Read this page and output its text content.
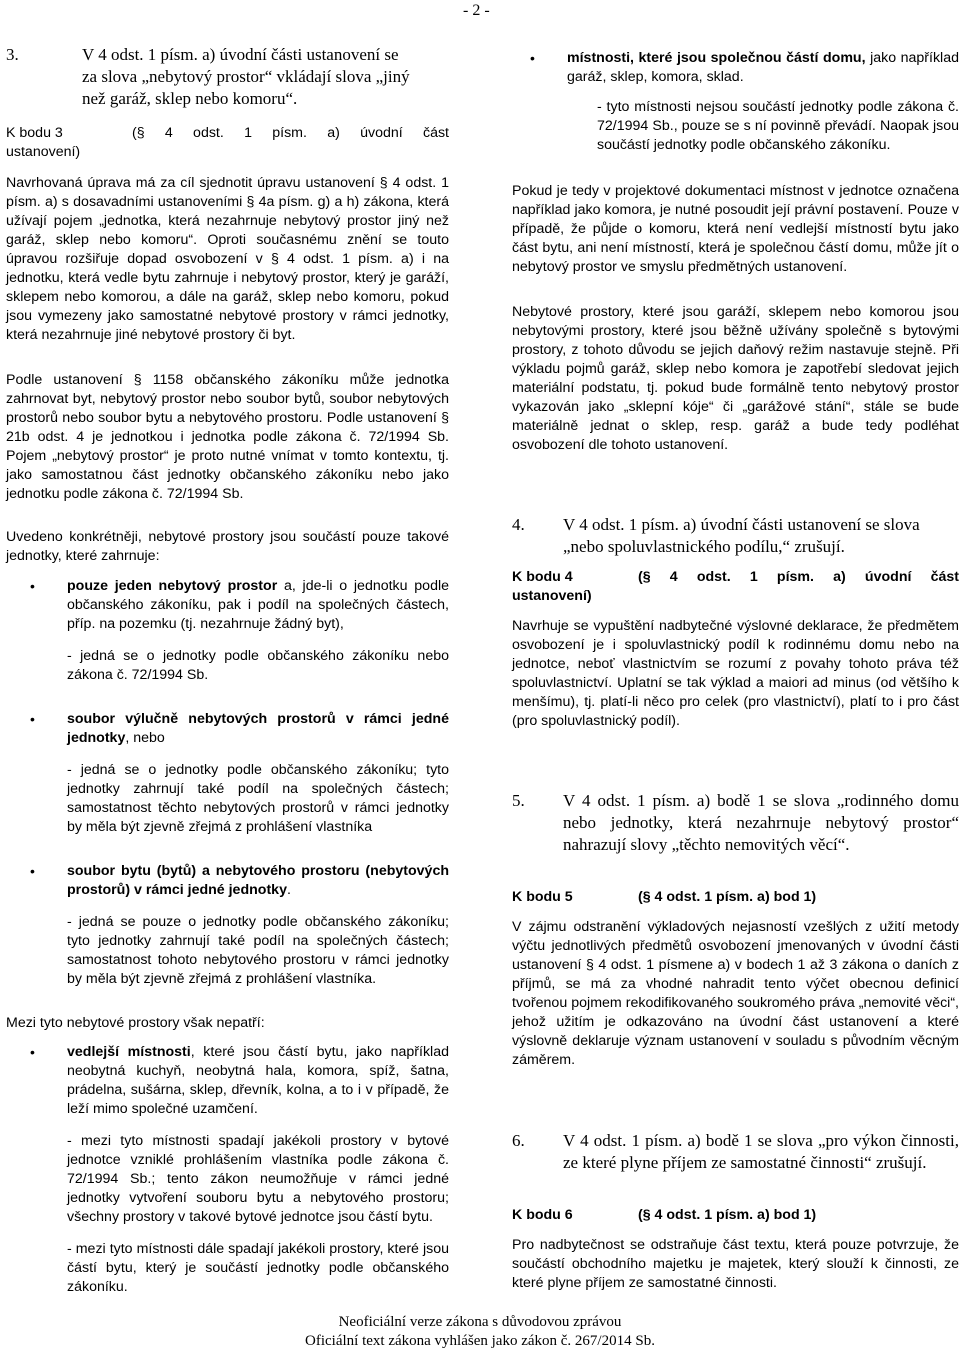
- 2 -
3.	V 4 odst. 1 písm. a) úvodní části ustanovení se
za slova „nebytový prostor“ vkládají slova „jiný
než garáž, sklep nebo komoru“.
K bodu 3	(§ 4 odst. 1 písm. a) úvodní část
ustanovení)

Navrhovaná úprava má za cíl sjednotit úpravu ustanovení § 4 odst. 1 písm. a) s dosavadními ustanoveními § 4a písm. g) a h) zákona, která užívají pojem „jednotka, která nezahrnuje nebytový prostor jiný než garáž, sklep nebo komoru“. Oproti současnému znění se touto úpravou rozšiřuje dopad osvobození v § 4 odst. 1 písm. a) i na jednotku, která vedle bytu zahrnuje i nebytový prostor, který je garáží, sklepem nebo komorou, a dále na garáž, sklep nebo komoru, pokud jsou vymezeny jako samostatné nebytové prostory v rámci jednotky, která nezahrnuje jiné nebytové prostory či byt.

Podle ustanovení § 1158 občanského zákoníku může jednotka zahrnovat byt, nebytový prostor nebo soubor bytů, soubor nebytových prostorů nebo soubor bytu a nebytového prostoru. Podle ustanovení § 21b odst. 4 je jednotkou i jednotka podle zákona č. 72/1994 Sb. Pojem „nebytový prostor“ je proto nutné vnímat v tomto kontextu, tj. jako samostatnou část jednotky občanského zákoníku nebo jako jednotku podle zákona č. 72/1994 Sb.

Uvedeno konkrétněji, nebytové prostory jsou součástí pouze takové jednotky, které zahrnuje:

• pouze jeden nebytový prostor a, jde-li o jednotku podle občanského zákoníku, pak i podíl na společných částech, příp. na pozemku (tj. nezahrnuje žádný byt),

- jedná se o jednotky podle občanského zákoníku nebo zákona č. 72/1994 Sb.

• soubor výlučně nebytových prostorů v rámci jedné jednotky, nebo

- jedná se o jednotky podle občanského zákoníku; tyto jednotky zahrnují také podíl na společných částech; samostatnost těchto nebytových prostorů v rámci jednotky by měla být zjevně zřejmá z prohlášení vlastníka

• soubor bytu (bytů) a nebytového prostoru (nebytových prostorů) v rámci jedné jednotky.

- jedná se pouze o jednotky podle občanského zákoníku; tyto jednotky zahrnují také podíl na společných částech; samostatnost tohoto nebytového prostoru v rámci jednotky by měla být zjevně zřejmá z prohlášení vlastníka.

Mezi tyto nebytové prostory však nepatří:

• vedlejší místnosti, které jsou částí bytu, jako například neobytná kuchyň, neobytná hala, komora, spíž, šatna, prádelna, sušárna, sklep, dřevník, kolna, a to i v případě, že leží mimo společné uzamčení.

- mezi tyto místnosti spadají jakékoli prostory v bytové jednotce vzniklé prohlášením vlastníka podle zákona č. 72/1994 Sb.; tento zákon neumožňuje v rámci jedné jednotky vytvoření souboru bytu a nebytového prostoru; všechny prostory v takové bytové jednotce jsou částí bytu.

- mezi tyto místnosti dále spadají jakékoli prostory, které jsou částí bytu, který je součástí jednotky podle občanského zákoníku.

• místnosti, které jsou společnou částí domu, jako například garáž, sklep, komora, sklad.

- tyto místnosti nejsou součástí jednotky podle zákona č. 72/1994 Sb., pouze se s ní povinně převádí. Naopak jsou součástí jednotky podle občanského zákoníku.

Pokud je tedy v projektové dokumentaci místnost v jednotce označena například jako komora, je nutné posoudit její právní postavení. Pouze v případě, že půjde o komoru, která není vedlejší místností bytu jako část bytu, ani není místností, která je společnou částí domu, může jít o nebytový prostor ve smyslu předmětných ustanovení.

Nebytové prostory, které jsou garáží, sklepem nebo komorou jsou nebytovými prostory, které jsou běžně užívány společně s bytovými prostory, z tohoto důvodu se jejich daňový režim nastavuje stejně. Při výkladu pojmů garáž, sklep nebo komora je zapotřebí sledovat jejich materiální podstatu, tj. pokud bude formálně tento nebytový prostor vykazován jako „sklepní kóje“ či „garážové stání“, stále se bude materiálně jednat o sklep, resp. garáž a bude tedy podléhat osvobození dle tohoto ustanovení.

4. V 4 odst. 1 písm. a) úvodní části ustanovení se slova „nebo spoluvlastnického podílu,“ zrušují.
K bodu 4	(§ 4 odst. 1 písm. a) úvodní část
ustanovení)

Navrhuje se vypuštění nadbytečné výslovné deklarace, že předmětem osvobození je i spoluvlastnický podíl k rodinnému domu nebo na jednotce, neboť vlastnictvím se rozumí z povahy tohoto práva též spoluvlastnictví. Uplatní se tak výklad a maiori ad minus (od většího k menšímu), tj. platí-li něco pro celek (pro vlastnictví), platí to i pro část (pro spoluvlastnický podíl).

5. V 4 odst. 1 písm. a) bodě 1 se slova „rodinného domu nebo jednotky, která nezahrnuje nebytový prostor“ nahrazují slovy „těchto nemovitých věcí“.
K bodu 5	(§ 4 odst. 1 písm. a) bod 1)

V zájmu odstranění výkladových nejasností vzešlých z užití metody výčtu jednotlivých předmětů osvobození jmenovaných v úvodní části ustanovení § 4 odst. 1 písmene a) v bodech 1 až 3 zákona o daních z příjmů, se má za vhodné nahradit tento výčet obecnou definicí tvořenou pojmem rekodifikovaného soukromého práva „nemovité věci“, jehož užitím je odkazováno na úvodní část ustanovení a které výslovně deklaruje význam ustanovení v souladu s původním věcným záměrem.

6. V 4 odst. 1 písm. a) bodě 1 se slova „pro výkon činnosti, ze které plyne příjem ze samostatné činnosti“ zrušují.
K bodu 6	(§ 4 odst. 1 písm. a) bod 1)

Pro nadbytečnost se odstraňuje část textu, která pouze potvrzuje, že součástí obchodního majetku je majetek, který slouží k činnosti, ze které plyne příjem ze samostatné činnosti.

Neoficiální verze zákona s důvodovou zprávou
Oficiální text zákona vyhlášen jako zákon č. 267/2014 Sb.
